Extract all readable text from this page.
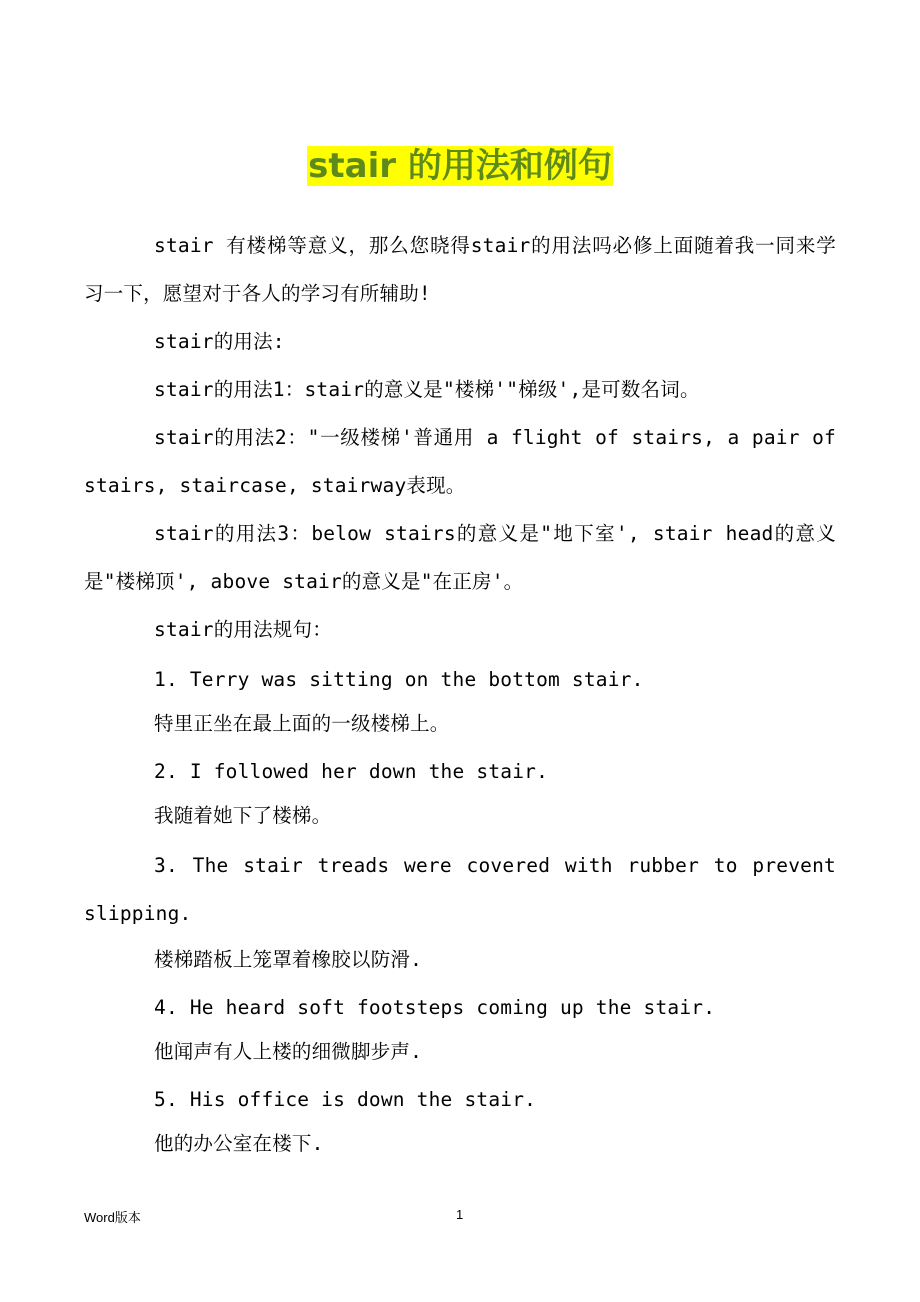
stair 的用法和例句

stair 有楼梯等意义，那么您晓得stair的用法吗必修上面随着我一同来学习一下，愿望对于各人的学习有所辅助!

stair的用法:

stair的用法1：stair的意义是"楼梯'"梯级',是可数名词。

stair的用法2："一级楼梯'普通用 a flight of stairs, a pair of stairs, staircase, stairway表现。

stair的用法3：below stairs的意义是"地下室', stair head的意义是"楼梯顶', above stair的意义是"在正房'。

stair的用法规句：

1. Terry was sitting on the bottom stair.

特里正坐在最上面的一级楼梯上。

2. I followed her down the stair.

我随着她下了楼梯。

3. The stair treads were covered with rubber to prevent slipping.

楼梯踏板上笼罩着橡胶以防滑.

4. He heard soft footsteps coming up the stair.

他闻声有人上楼的细微脚步声.

5. His office is down the stair.

他的办公室在楼下.

Word版本	1
